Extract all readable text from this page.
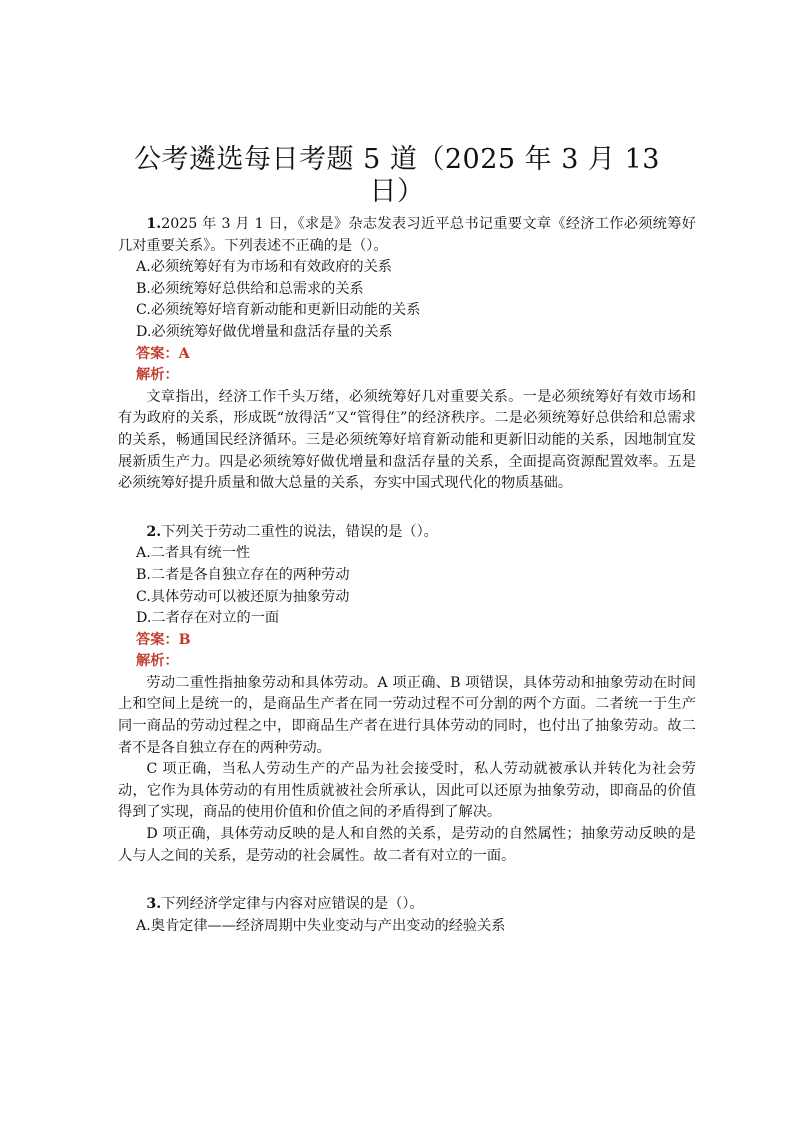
公考遴选每日考题 5 道（2025 年 3 月 13 日）

1.2025 年 3 月 1 日，《求是》杂志发表习近平总书记重要文章《经济工作必须统筹好几对重要关系》。下列表述不正确的是（）。

A.必须统筹好有为市场和有效政府的关系
B.必须统筹好总供给和总需求的关系
C.必须统筹好培育新动能和更新旧动能的关系
D.必须统筹好做优增量和盘活存量的关系

答案：A

解析：

文章指出，经济工作千头万绪，必须统筹好几对重要关系。一是必须统筹好有效市场和有为政府的关系，形成既“放得活”又“管得住”的经济秩序。二是必须统筹好总供给和总需求的关系，畅通国民经济循环。三是必须统筹好培育新动能和更新旧动能的关系，因地制宜发展新质生产力。四是必须统筹好做优增量和盘活存量的关系，全面提高资源配置效率。五是必须统筹好提升质量和做大总量的关系，夯实中国式现代化的物质基础。

2.下列关于劳动二重性的说法，错误的是（）。

A.二者具有统一性
B.二者是各自独立存在的两种劳动
C.具体劳动可以被还原为抽象劳动
D.二者存在对立的一面

答案：B

解析：

劳动二重性指抽象劳动和具体劳动。A 项正确、B 项错误，具体劳动和抽象劳动在时间上和空间上是统一的，是商品生产者在同一劳动过程不可分割的两个方面。二者统一于生产同一商品的劳动过程之中，即商品生产者在进行具体劳动的同时，也付出了抽象劳动。故二者不是各自独立存在的两种劳动。

C 项正确，当私人劳动生产的产品为社会接受时，私人劳动就被承认并转化为社会劳动，它作为具体劳动的有用性质就被社会所承认，因此可以还原为抽象劳动，即商品的价值得到了实现，商品的使用价值和价值之间的矛盾得到了解决。

D 项正确，具体劳动反映的是人和自然的关系，是劳动的自然属性；抽象劳动反映的是人与人之间的关系，是劳动的社会属性。故二者有对立的一面。

3.下列经济学定律与内容对应错误的是（）。

A.奥肯定律——经济周期中失业变动与产出变动的经验关系
